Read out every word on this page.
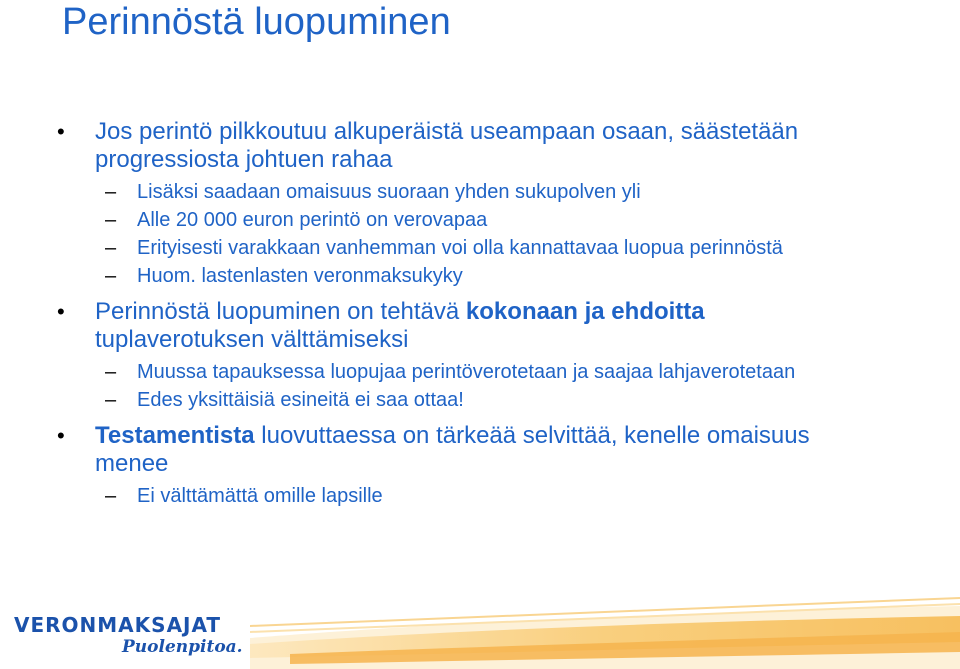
Perinnöstä luopuminen
• Jos perintö pilkkoutuu alkuperäistä useampaan osaan, säästetään progressiosta johtuen rahaa
– Lisäksi saadaan omaisuus suoraan yhden sukupolven yli
– Alle 20 000 euron perintö on verovapaa
– Erityisesti varakkaan vanhemman voi olla kannattavaa luopua perinnöstä
– Huom. lastenlasten veronmaksukyky
• Perinnöstä luopuminen on tehtävä kokonaan ja ehdoitta tuplaverotuksen välttämiseksi
– Muussa tapauksessa luopujaa perintöverotetaan ja saajaa lahjaverotetaan
– Edes yksittäisiä esineitä ei saa ottaa!
• Testamentista luovuttaessa on tärkeää selvittää, kenelle omaisuus menee
– Ei välttämättä omille lapsille
VERONMAKSAJAT
Puolenpitoa.
